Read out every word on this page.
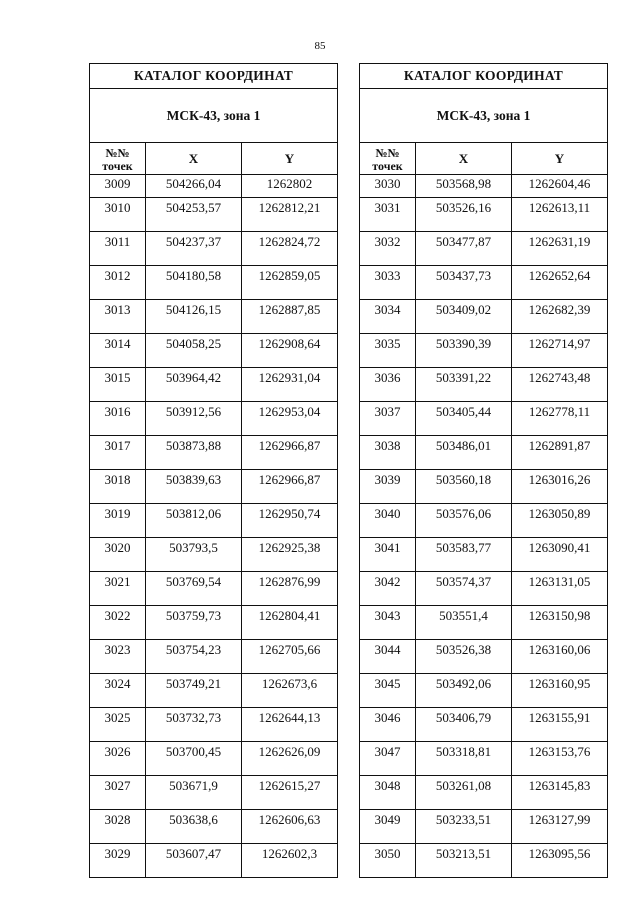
85
КАТАЛОГ КООРДИНАТ		
МСК-43, зона 1		
№№
точек	X	Y
3009	504266,04	1262802
3010	504253,57	1262812,21
3011	504237,37	1262824,72
3012	504180,58	1262859,05
3013	504126,15	1262887,85
3014	504058,25	1262908,64
3015	503964,42	1262931,04
3016	503912,56	1262953,04
3017	503873,88	1262966,87
3018	503839,63	1262966,87
3019	503812,06	1262950,74
3020	503793,5	1262925,38
3021	503769,54	1262876,99
3022	503759,73	1262804,41
3023	503754,23	1262705,66
3024	503749,21	1262673,6
3025	503732,73	1262644,13
3026	503700,45	1262626,09
3027	503671,9	1262615,27
3028	503638,6	1262606,63
3029	503607,47	1262602,3
КАТАЛОГ КООРДИНАТ		
МСК-43, зона 1		
№№
точек	X	Y
3030	503568,98	1262604,46
3031	503526,16	1262613,11
3032	503477,87	1262631,19
3033	503437,73	1262652,64
3034	503409,02	1262682,39
3035	503390,39	1262714,97
3036	503391,22	1262743,48
3037	503405,44	1262778,11
3038	503486,01	1262891,87
3039	503560,18	1263016,26
3040	503576,06	1263050,89
3041	503583,77	1263090,41
3042	503574,37	1263131,05
3043	503551,4	1263150,98
3044	503526,38	1263160,06
3045	503492,06	1263160,95
3046	503406,79	1263155,91
3047	503318,81	1263153,76
3048	503261,08	1263145,83
3049	503233,51	1263127,99
3050	503213,51	1263095,56
